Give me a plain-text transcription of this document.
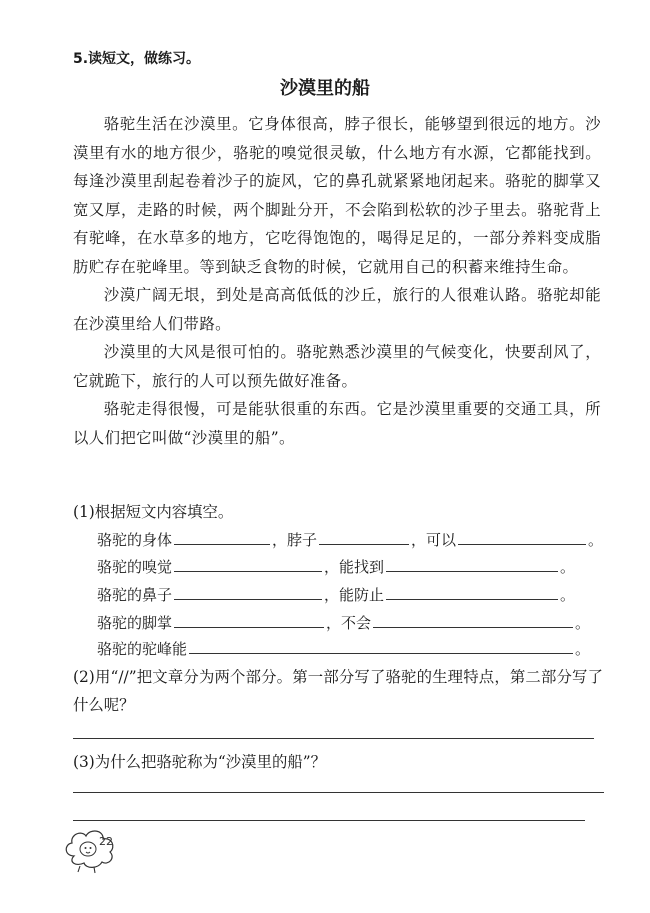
5.读短文，做练习。
沙漠里的船

骆驼生活在沙漠里。它身体很高，脖子很长，能够望到很远的地方。沙漠里有水的地方很少，骆驼的嗅觉很灵敏，什么地方有水源，它都能找到。每逢沙漠里刮起卷着沙子的旋风，它的鼻孔就紧紧地闭起来。骆驼的脚掌又宽又厚，走路的时候，两个脚趾分开，不会陷到松软的沙子里去。骆驼背上有驼峰，在水草多的地方，它吃得饱饱的，喝得足足的，一部分养料变成脂肪贮存在驼峰里。等到缺乏食物的时候，它就用自己的积蓄来维持生命。

沙漠广阔无垠，到处是高高低低的沙丘，旅行的人很难认路。骆驼却能在沙漠里给人们带路。

沙漠里的大风是很可怕的。骆驼熟悉沙漠里的气候变化，快要刮风了，它就跪下，旅行的人可以预先做好准备。

骆驼走得很慢，可是能驮很重的东西。它是沙漠里重要的交通工具，所以人们把它叫做“沙漠里的船”。

(1)根据短文内容填空。
骆驼的身体	，脖子	，可以	。
骆驼的嗅觉	，能找到	。
骆驼的鼻子	，能防止	。
骆驼的脚掌	，不会	。
骆驼的驼峰能	。
(2)用“//”把文章分为两个部分。第一部分写了骆驼的生理特点，第二部分写了什么呢？
(3)为什么把骆驼称为“沙漠里的船”？
22
